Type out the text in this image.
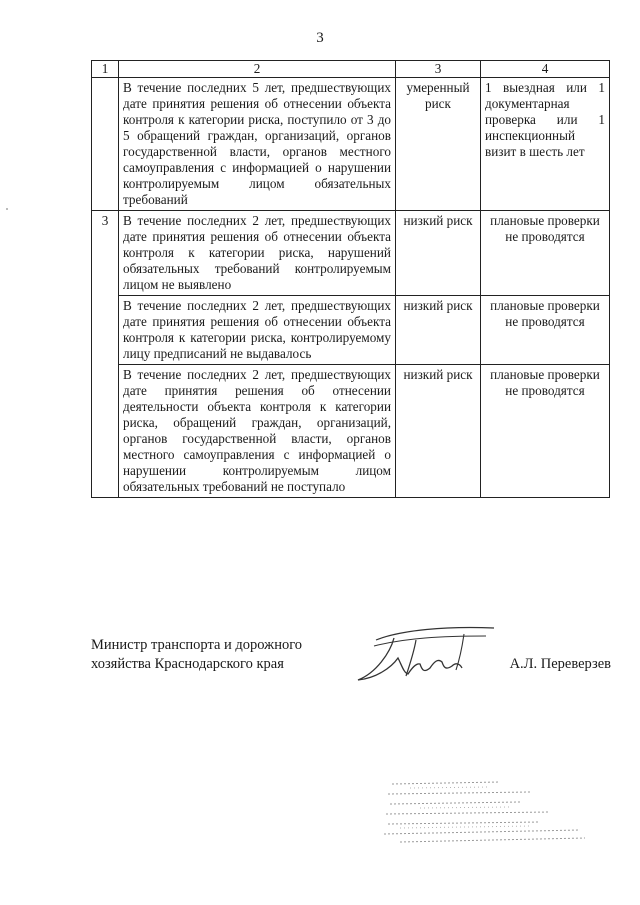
3
1	2	3	4
	В течение последних 5 лет, предшествующих дате принятия решения об отнесении объекта контроля к категории риска, поступило от 3 до 5 обращений граждан, организаций, органов государственной власти, органов местного самоуправления с информацией о нарушении контролируемым лицом обязательных требований	умеренный риск	1 выездная или 1 документарная проверка или 1 инспекционный визит в шесть лет
3	В течение последних 2 лет, предшествующих дате принятия решения об отнесении объекта контроля к категории риска, нарушений обязательных требований контролируемым лицом не выявлено	низкий риск	плановые проверки не проводятся
	В течение последних 2 лет, предшествующих дате принятия решения об отнесении объекта контроля к категории риска, контролируемому лицу предписаний не выдавалось	низкий риск	плановые проверки не проводятся
	В течение последних 2 лет, предшествующих дате принятия решения об отнесении деятельности объекта контроля к категории риска, обращений граждан, организаций, органов государственной власти, органов местного самоуправления с информацией о нарушении контролируемым лицом обязательных требований не поступало	низкий риск	плановые проверки не проводятся
Министр транспорта и дорожного
хозяйства Краснодарского края	А.Л. Переверзев
